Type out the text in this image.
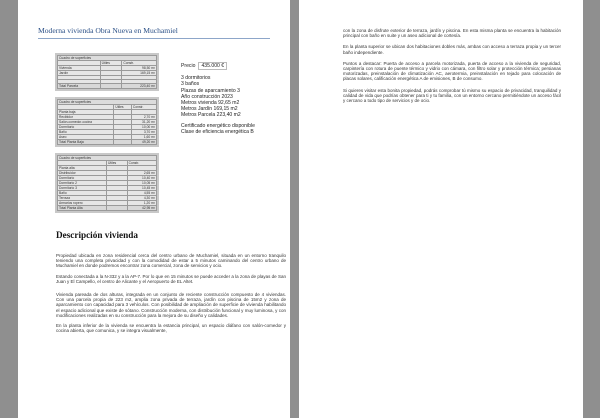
Moderna vivienda Obra Nueva en Muchamiel
Cuadro de superficies		
	Útiles	Constr.
Vivienda		98,50 m²
Jardín		169,15 m²

Total Parcela		223,40 m²
Cuadro de superficies		
	Útiles	Constr.
Planta baja		
Recibidor		2,70 m²
Salón-comedor-cocina		31,20 m²
Dormitorio		10,00 m²
Baño		3,70 m²
Aseo		1,60 m²
Total Planta Baja		49,20 m²
Cuadro de superficies		
	Útiles	Constr.
Planta alta		
Distribuidor		2,65 m²
Dormitorio		10,40 m²
Dormitorio 2		10,05 m²
Dormitorio 3		10,45 m²
Baño		4,55 m²
Terraza		4,30 m²
Armarios ropero		1,20 m²
Total Planta Alta		42,95 m²
Precio 435.000 €
3 dormitorios
3 baños
Plazas de aparcamiento 3
Año construcción 2023
Metros vivienda 92,65 m2
Metros Jardín 169,15 m2
Metros Parcela 223,40 m2
Certificado energético disponible
Clase de eficiencia energética B
Descripción vivienda

Propiedad ubicada en zona residencial cerca del centro urbano de Muchamiel, situada en un entorno tranquilo teniendo una completa privacidad y con la comodidad de estar a 5 minutos caminando del centro urbano de Muchamiel en donde podremos encontrar zona comercial, zona de servicios y ocio.

Estando conectada a la N-332 y a la AP-7. Por lo que en 15 minutos se puede acceder a la zona de playas de San Juan y El Campello, el centro de Alicante y el Aeropuerto de EL Altet.

Vivienda pareada de dos alturas, integrada en un conjunto de reciente construcción compuesto de 4 viviendas. Con una parcela propia de 223 m2, amplia zona privada de terraza, jardín con piscina de 15m2 y zona de aparcamiento con capacidad para 3 vehículos. Con posibilidad de ampliación de superficie de vivienda habilitando el espacio adicional que existe de sótano. Construcción moderna, con distribución funcional y muy luminosa, y con modificaciones realizadas en su construcción para la mejora de su diseño y calidades.

En la planta inferior de la vivienda se encuentra la estancia principal, un espacio diáfano con salón-comedor y cocina abierta, que comunica, y se integra visualmente,

con la zona de disfrute exterior de terraza, jardín y piscina. En esta misma planta se encuentra la habitación principal con baño en suite y un aseo adicional de cortesía.

En la planta superior se ubican dos habitaciones dobles más, ambas con acceso a terraza propia y un tercer baño independiente.

Puntos a destacar: Puerta de acceso a parcela motorizada, puerta de acceso a la vivienda de seguridad, carpintería con rotura de puente térmico y vidrio con cámara, con filtro solar y protección térmica; persianas motorizadas, preinstalación de climatización AC, aerotermia, preinstalación en tejado para colocación de placas solares, calificación energética A de emisiones, B de consumo.

Si quieres visitar esta bonita propiedad, podrás comprobar tú mismo su espacio de privacidad, tranquilidad y calidad de vida que podrías obtener para ti y tu familia, con un entorno cercano permitiéndote un acceso fácil y cercano a todo tipo de servicios y de ocio.
